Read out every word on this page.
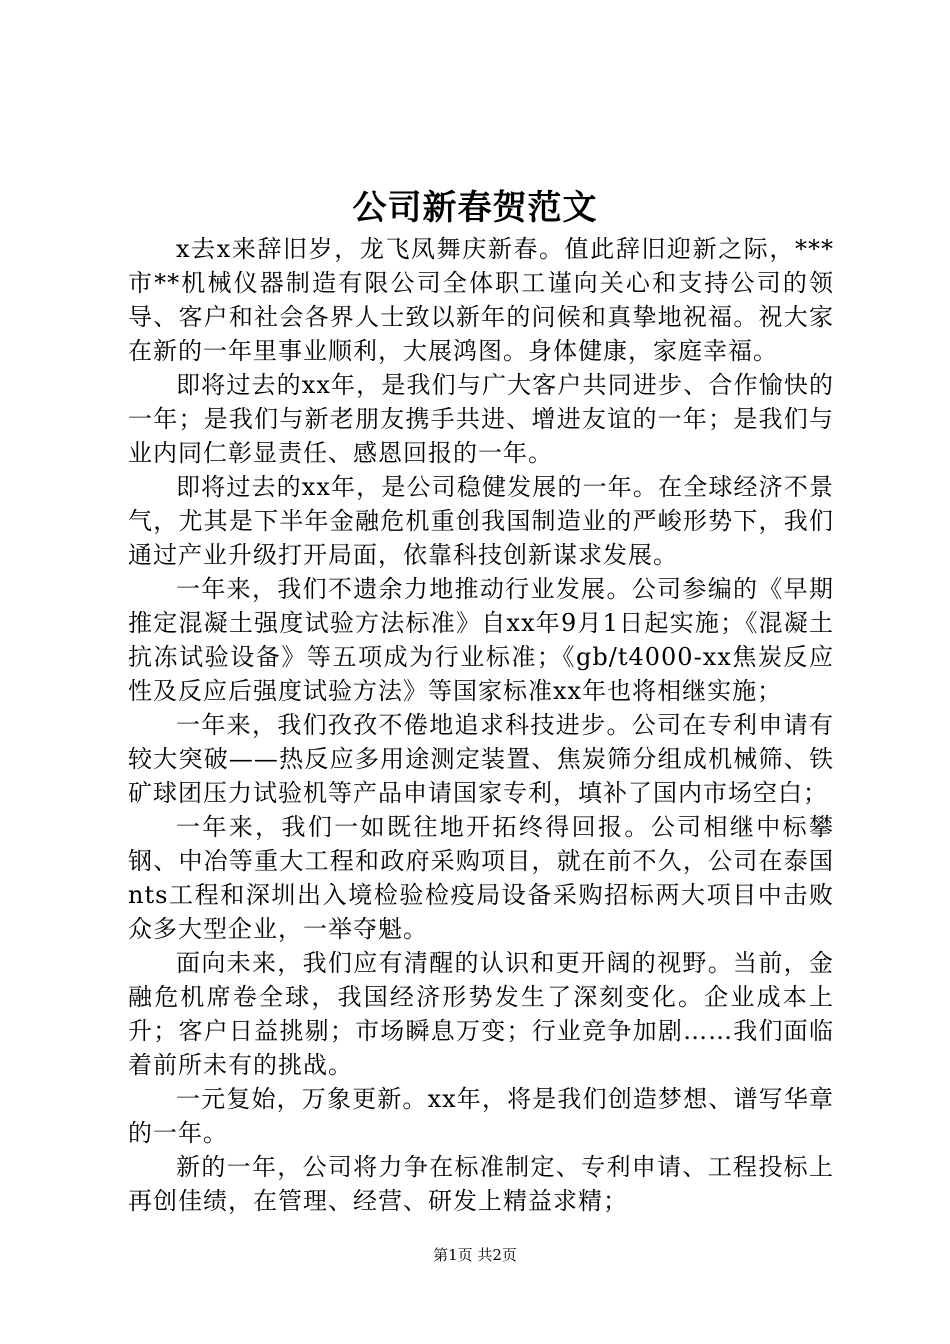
公司新春贺范文

x去x来辞旧岁，龙飞凤舞庆新春。值此辞旧迎新之际，***市**机械仪器制造有限公司全体职工谨向关心和支持公司的领导、客户和社会各界人士致以新年的问候和真挚地祝福。祝大家在新的一年里事业顺利，大展鸿图。身体健康，家庭幸福。

即将过去的xx年，是我们与广大客户共同进步、合作愉快的一年；是我们与新老朋友携手共进、增进友谊的一年；是我们与业内同仁彰显责任、感恩回报的一年。

即将过去的xx年，是公司稳健发展的一年。在全球经济不景气，尤其是下半年金融危机重创我国制造业的严峻形势下，我们通过产业升级打开局面，依靠科技创新谋求发展。

一年来，我们不遗余力地推动行业发展。公司参编的《早期推定混凝土强度试验方法标准》自xx年9月1日起实施；《混凝土抗冻试验设备》等五项成为行业标准；《gb/t4000-xx焦炭反应性及反应后强度试验方法》等国家标准xx年也将相继实施；

一年来，我们孜孜不倦地追求科技进步。公司在专利申请有较大突破——热反应多用途测定装置、焦炭筛分组成机械筛、铁矿球团压力试验机等产品申请国家专利，填补了国内市场空白；

一年来，我们一如既往地开拓终得回报。公司相继中标攀钢、中冶等重大工程和政府采购项目，就在前不久，公司在泰国nts工程和深圳出入境检验检疫局设备采购招标两大项目中击败众多大型企业，一举夺魁。

面向未来，我们应有清醒的认识和更开阔的视野。当前，金融危机席卷全球，我国经济形势发生了深刻变化。企业成本上升；客户日益挑剔；市场瞬息万变；行业竞争加剧……我们面临着前所未有的挑战。

一元复始，万象更新。xx年，将是我们创造梦想、谱写华章的一年。

新的一年，公司将力争在标准制定、专利申请、工程投标上再创佳绩，在管理、经营、研发上精益求精；

第1页 共2页
